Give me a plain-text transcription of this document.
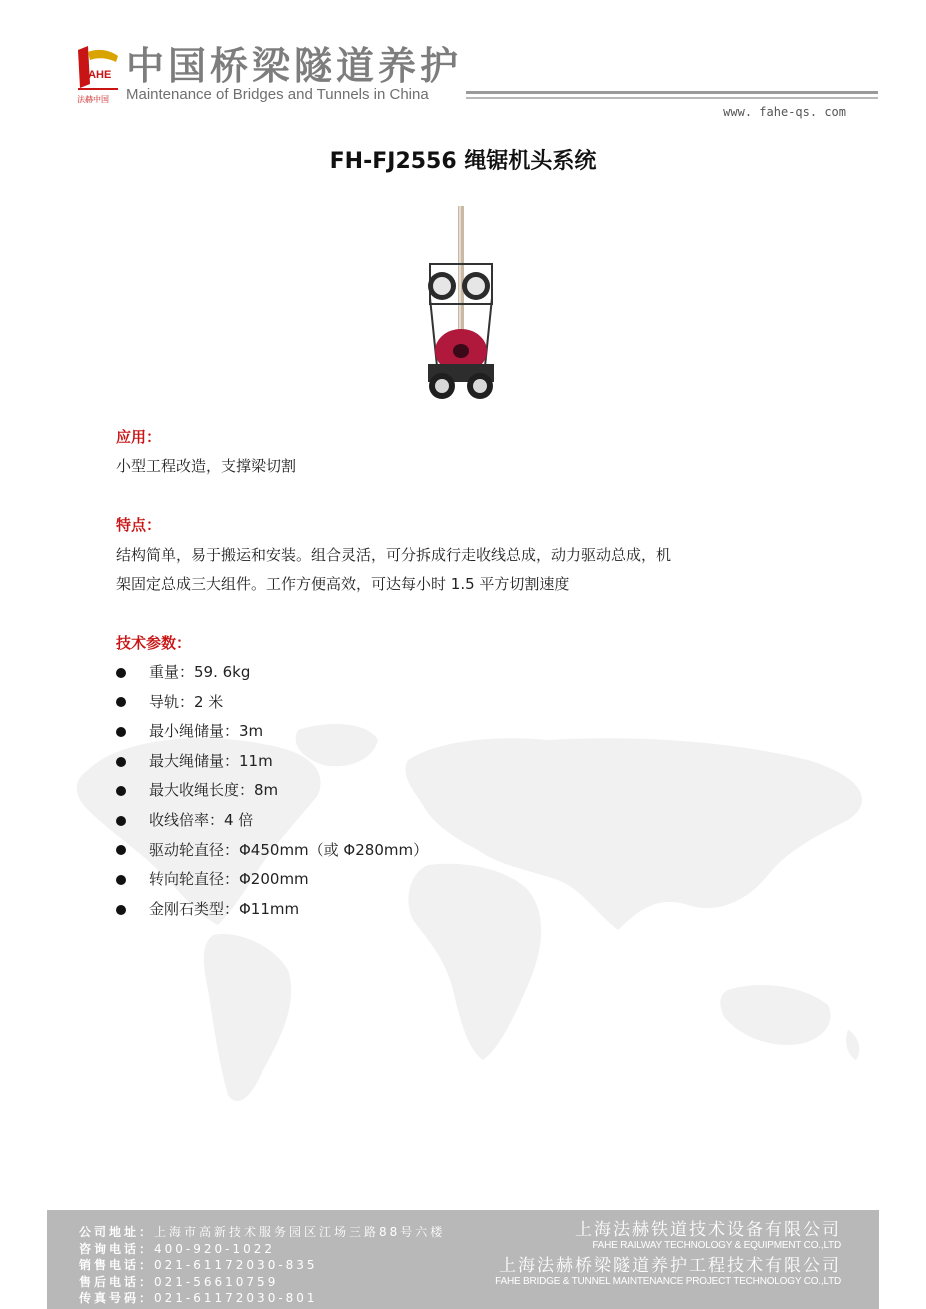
FAHE
法赫中国
中国桥梁隧道养护
Maintenance of Bridges and Tunnels in China
www. fahe-qs. com
FH-FJ2556 绳锯机头系统
应用：
小型工程改造，支撑梁切割
特点：
结构简单，易于搬运和安装。组合灵活，可分拆成行走收线总成，动力驱动总成，机
架固定总成三大组件。工作方便高效，可达每小时 1.5 平方切割速度
技术参数：
重量：59. 6kg
导轨：2 米
最小绳储量：3m
最大绳储量：11m
最大收绳长度：8m
收线倍率：4 倍
驱动轮直径：Φ450mm（或 Φ280mm）
转向轮直径：Φ200mm
金刚石类型：Φ11mm
公司地址：上海市高新技术服务园区江场三路88号六楼
咨询电话：400-920-1022
销售电话：021-61172030-835
售后电话：021-56610759
传真号码：021-61172030-801
上海法赫铁道技术设备有限公司
FAHE RAILWAY TECHNOLOGY & EQUIPMENT CO.,LTD
上海法赫桥梁隧道养护工程技术有限公司
FAHE BRIDGE & TUNNEL MAINTENANCE PROJECT TECHNOLOGY CO.,LTD
